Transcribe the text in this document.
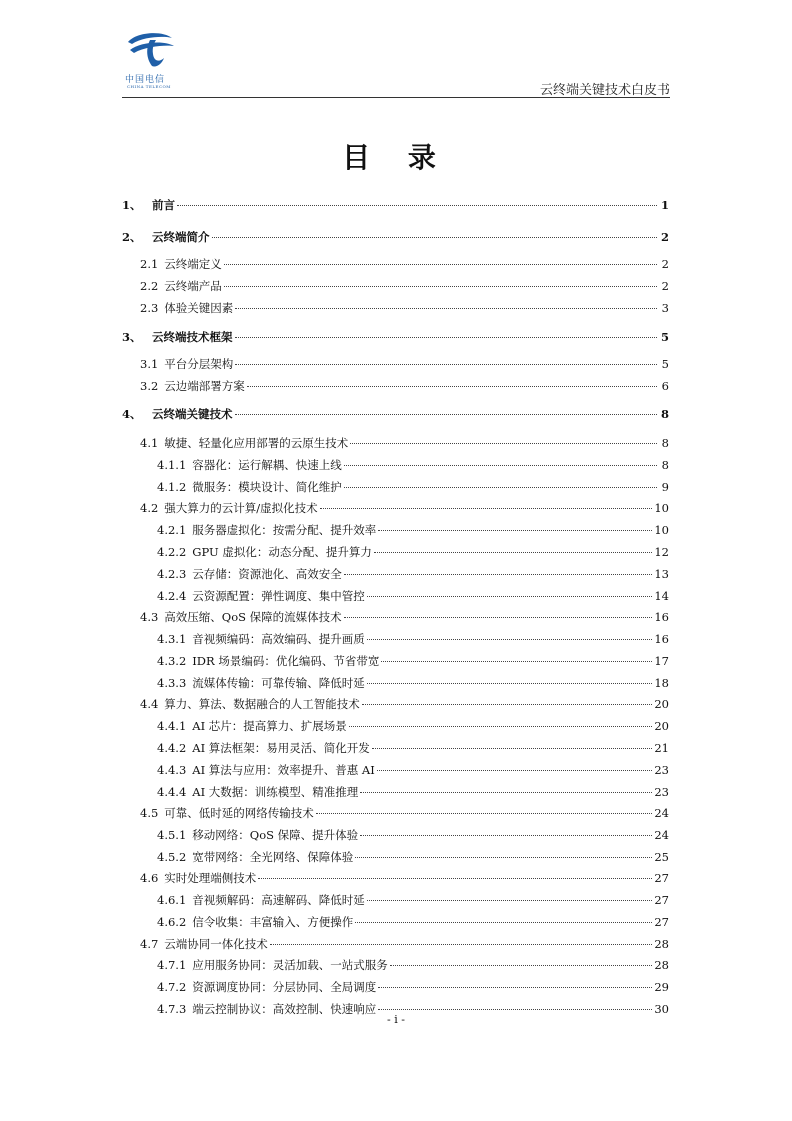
中国电信
CHINA TELECOM	云终端关键技术白皮书
目 录
1、 前言	1
2、 云终端简介	2
2.1 云终端定义	2
2.2 云终端产品	2
2.3 体验关键因素	3
3、 云终端技术框架	5
3.1 平台分层架构	5
3.2 云边端部署方案	6
4、 云终端关键技术	8
4.1 敏捷、轻量化应用部署的云原生技术	8
4.1.1 容器化：运行解耦、快速上线	8
4.1.2 微服务：模块设计、简化维护	9
4.2 强大算力的云计算/虚拟化技术	10
4.2.1 服务器虚拟化：按需分配、提升效率	10
4.2.2 GPU 虚拟化：动态分配、提升算力	12
4.2.3 云存储：资源池化、高效安全	13
4.2.4 云资源配置：弹性调度、集中管控	14
4.3 高效压缩、QoS 保障的流媒体技术	16
4.3.1 音视频编码：高效编码、提升画质	16
4.3.2 IDR 场景编码：优化编码、节省带宽	17
4.3.3 流媒体传输：可靠传输、降低时延	18
4.4 算力、算法、数据融合的人工智能技术	20
4.4.1 AI 芯片：提高算力、扩展场景	20
4.4.2 AI 算法框架：易用灵活、简化开发	21
4.4.3 AI 算法与应用：效率提升、普惠 AI	23
4.4.4 AI 大数据：训练模型、精准推理	23
4.5 可靠、低时延的网络传输技术	24
4.5.1 移动网络：QoS 保障、提升体验	24
4.5.2 宽带网络：全光网络、保障体验	25
4.6 实时处理端侧技术	27
4.6.1 音视频解码：高速解码、降低时延	27
4.6.2 信令收集：丰富输入、方便操作	27
4.7 云端协同一体化技术	28
4.7.1 应用服务协同：灵活加载、一站式服务	28
4.7.2 资源调度协同：分层协同、全局调度	29
4.7.3 端云控制协议：高效控制、快速响应	30
- i -
